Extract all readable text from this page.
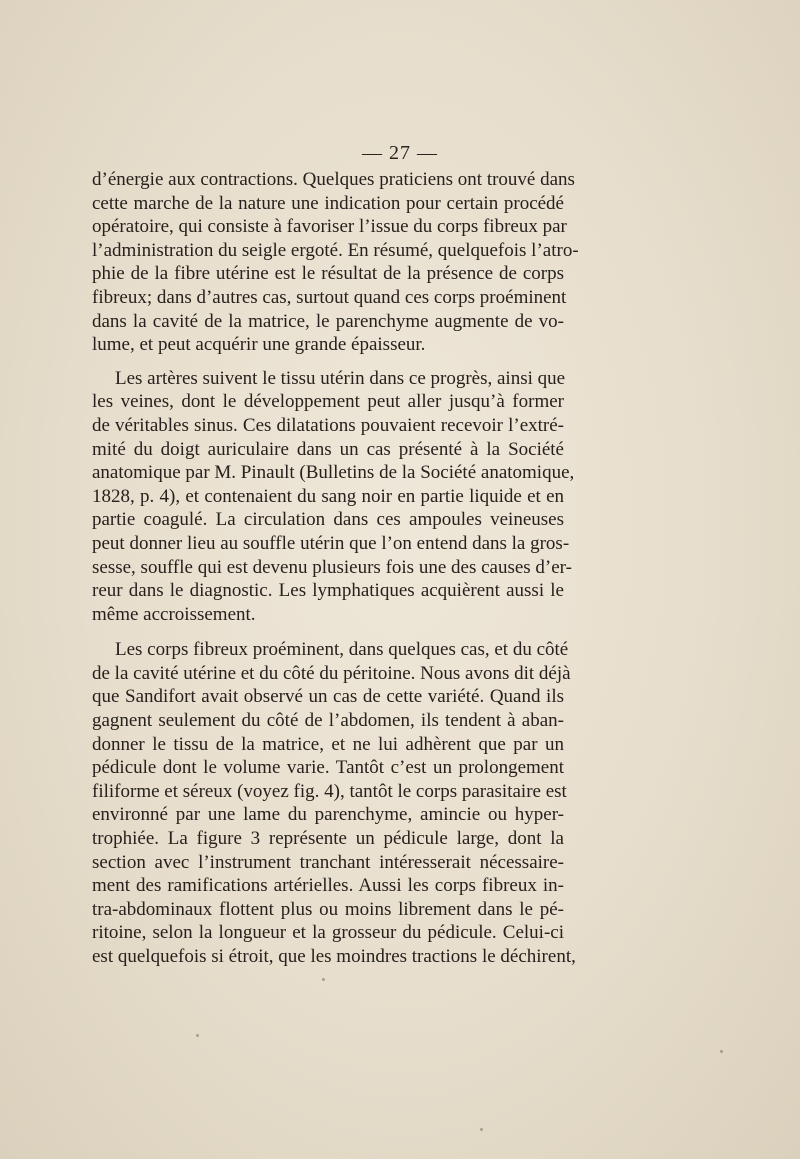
— 27 —
d’énergie aux contractions. Quelques praticiens ont trouvé dans
cette marche de la nature une indication pour certain procédé
opératoire, qui consiste à favoriser l’issue du corps fibreux par
l’administration du seigle ergoté. En résumé, quelquefois l’atro-
phie de la fibre utérine est le résultat de la présence de corps
fibreux; dans d’autres cas, surtout quand ces corps proéminent
dans la cavité de la matrice, le parenchyme augmente de vo-
lume, et peut acquérir une grande épaisseur.
Les artères suivent le tissu utérin dans ce progrès, ainsi que
les veines, dont le développement peut aller jusqu’à former
de véritables sinus. Ces dilatations pouvaient recevoir l’extré-
mité du doigt auriculaire dans un cas présenté à la Société
anatomique par M. Pinault (Bulletins de la Société anatomique,
1828, p. 4), et contenaient du sang noir en partie liquide et en
partie coagulé. La circulation dans ces ampoules veineuses
peut donner lieu au souffle utérin que l’on entend dans la gros-
sesse, souffle qui est devenu plusieurs fois une des causes d’er-
reur dans le diagnostic. Les lymphatiques acquièrent aussi le
même accroissement.
Les corps fibreux proéminent, dans quelques cas, et du côté
de la cavité utérine et du côté du péritoine. Nous avons dit déjà
que Sandifort avait observé un cas de cette variété. Quand ils
gagnent seulement du côté de l’abdomen, ils tendent à aban-
donner le tissu de la matrice, et ne lui adhèrent que par un
pédicule dont le volume varie. Tantôt c’est un prolongement
filiforme et séreux (voyez fig. 4), tantôt le corps parasitaire est
environné par une lame du parenchyme, amincie ou hyper-
trophiée. La figure 3 représente un pédicule large, dont la
section avec l’instrument tranchant intéresserait nécessaire-
ment des ramifications artérielles. Aussi les corps fibreux in-
tra-abdominaux flottent plus ou moins librement dans le pé-
ritoine, selon la longueur et la grosseur du pédicule. Celui-ci
est quelquefois si étroit, que les moindres tractions le déchirent,
